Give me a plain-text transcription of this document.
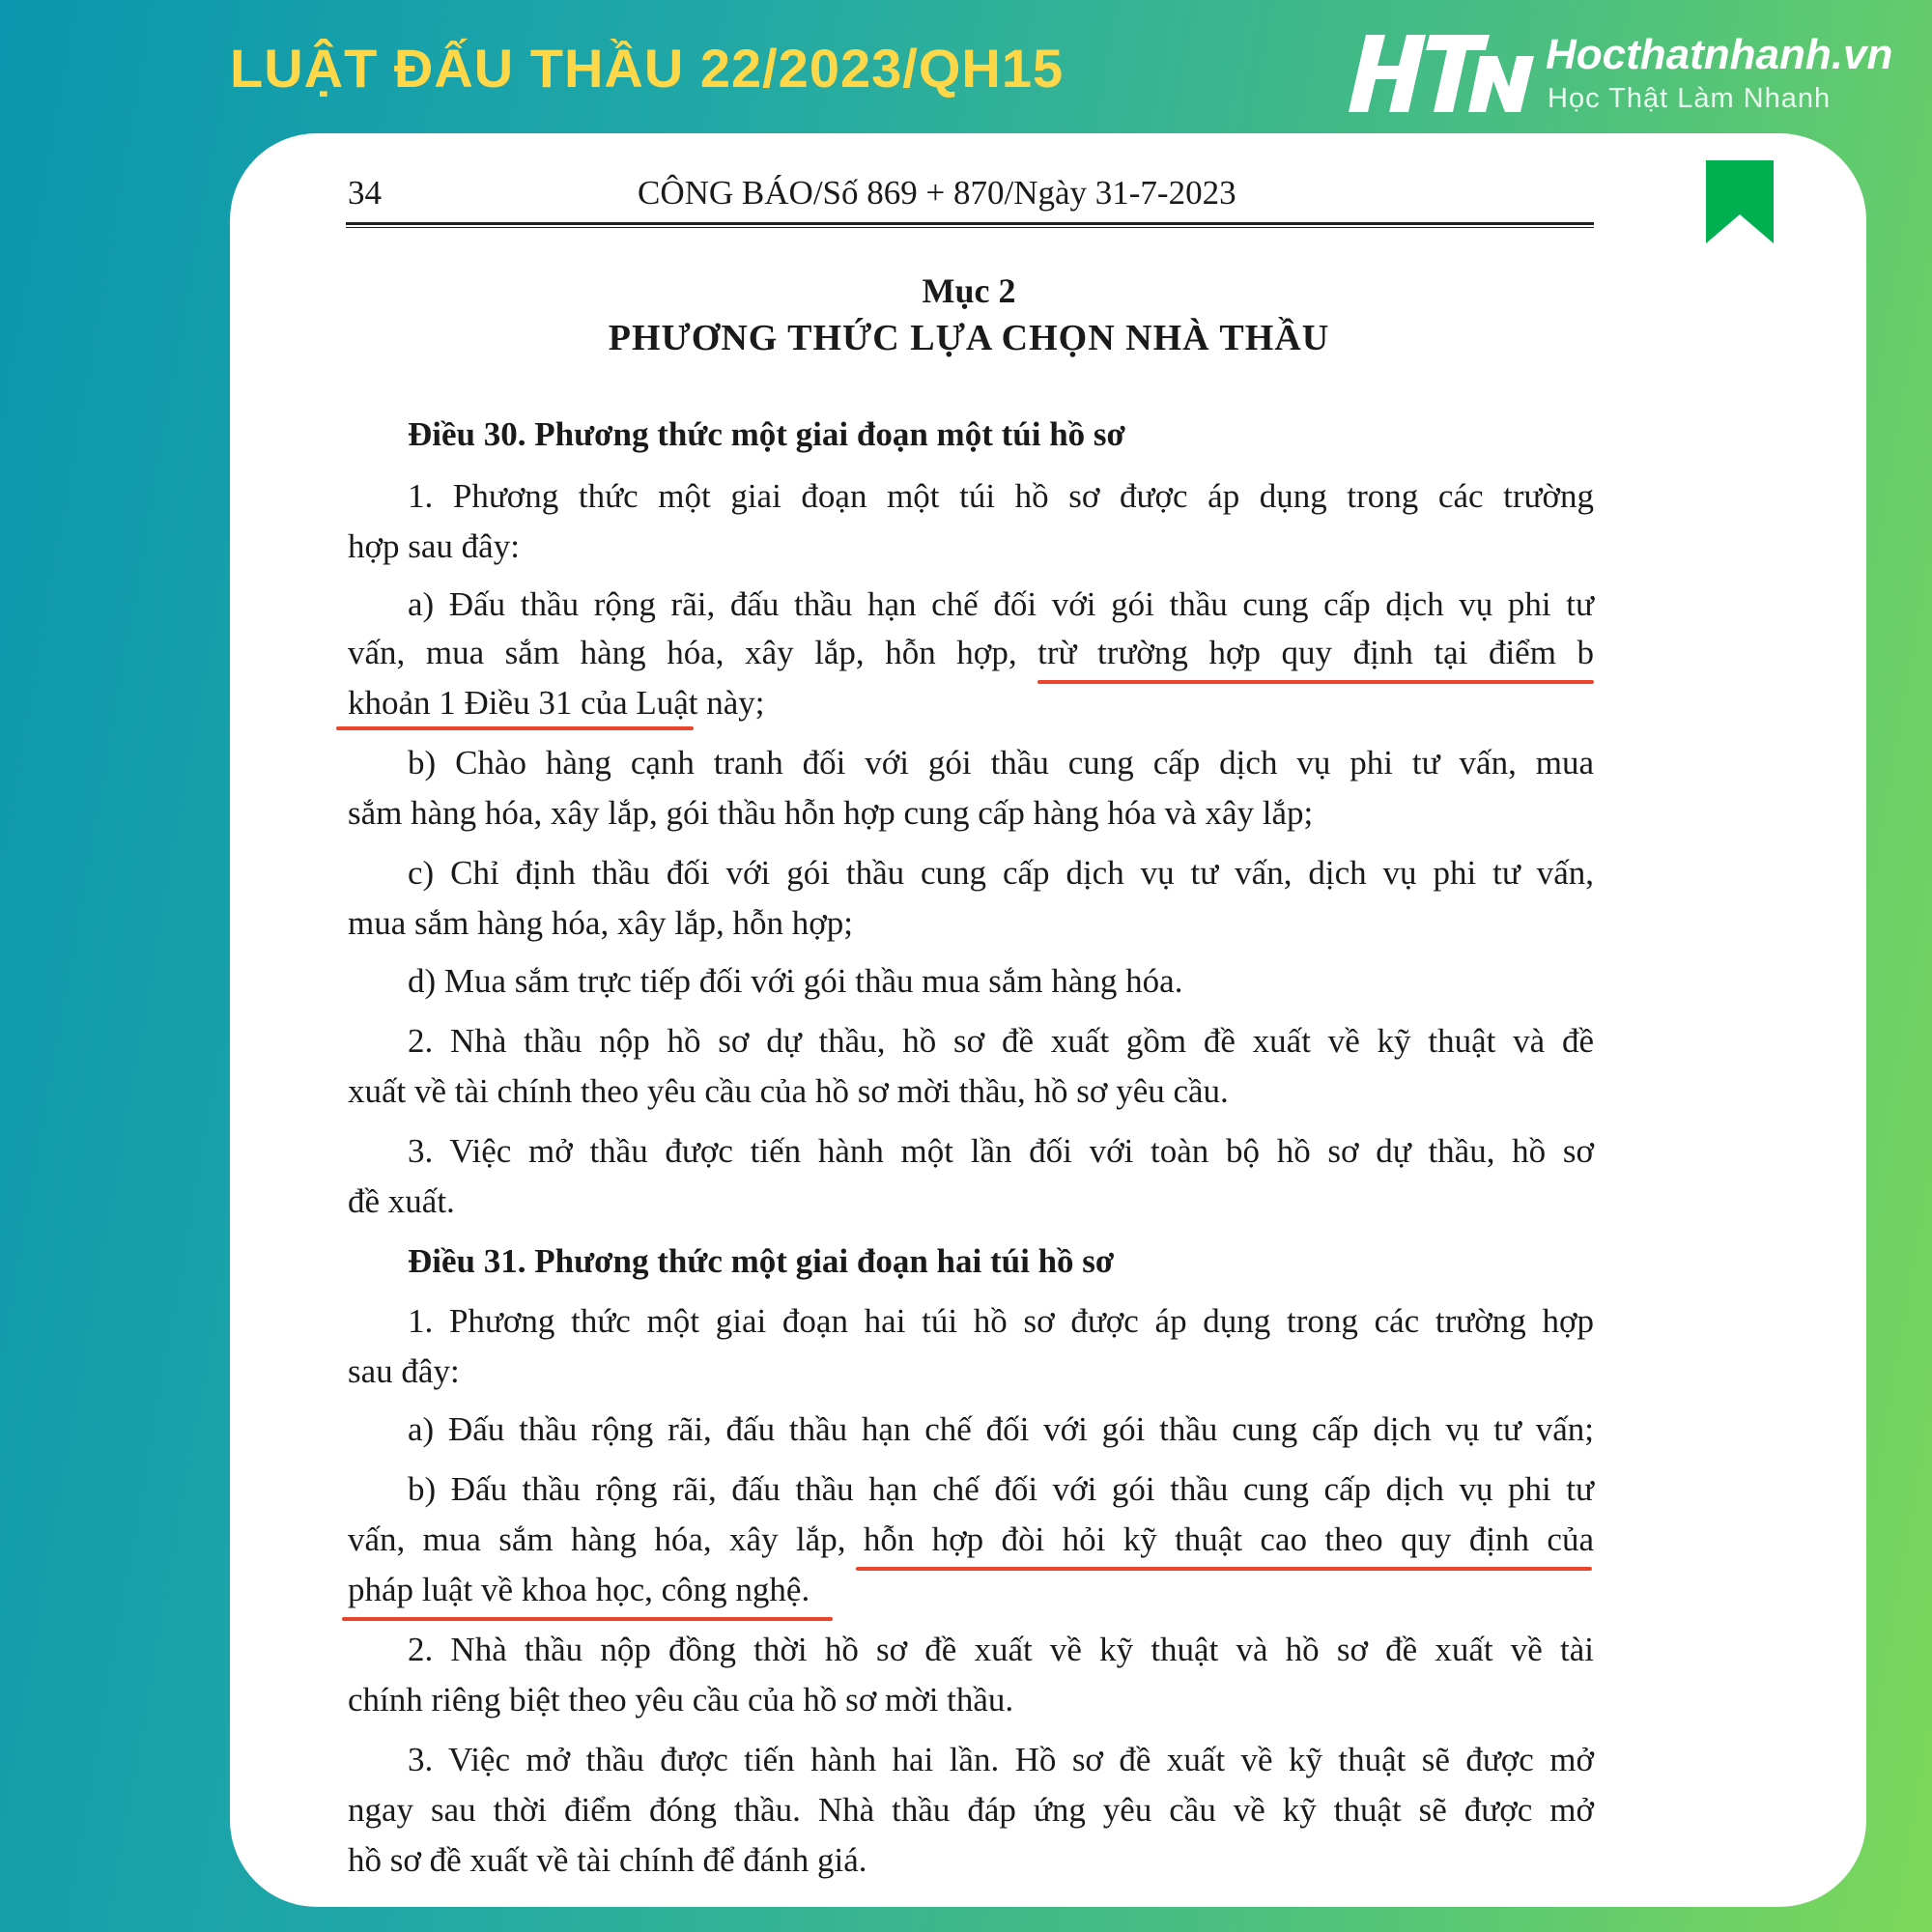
LUẬT ĐẤU THẦU 22/2023/QH15	Hocthatnhanh.vn
Học Thật Làm Nhanh
34	CÔNG BÁO/Số 869 + 870/Ngày 31-7-2023
Mục 2
PHƯƠNG THỨC LỰA CHỌN NHÀ THẦU
Điều 30. Phương thức một giai đoạn một túi hồ sơ
1. Phương thức một giai đoạn một túi hồ sơ được áp dụng trong các trường
hợp sau đây:
a) Đấu thầu rộng rãi, đấu thầu hạn chế đối với gói thầu cung cấp dịch vụ phi tư
vấn, mua sắm hàng hóa, xây lắp, hỗn hợp, trừ trường hợp quy định tại điểm b
khoản 1 Điều 31 của Luật này;
b) Chào hàng cạnh tranh đối với gói thầu cung cấp dịch vụ phi tư vấn, mua
sắm hàng hóa, xây lắp, gói thầu hỗn hợp cung cấp hàng hóa và xây lắp;
c) Chỉ định thầu đối với gói thầu cung cấp dịch vụ tư vấn, dịch vụ phi tư vấn,
mua sắm hàng hóa, xây lắp, hỗn hợp;
d) Mua sắm trực tiếp đối với gói thầu mua sắm hàng hóa.
2. Nhà thầu nộp hồ sơ dự thầu, hồ sơ đề xuất gồm đề xuất về kỹ thuật và đề
xuất về tài chính theo yêu cầu của hồ sơ mời thầu, hồ sơ yêu cầu.
3. Việc mở thầu được tiến hành một lần đối với toàn bộ hồ sơ dự thầu, hồ sơ
đề xuất.
Điều 31. Phương thức một giai đoạn hai túi hồ sơ
1. Phương thức một giai đoạn hai túi hồ sơ được áp dụng trong các trường hợp
sau đây:
a) Đấu thầu rộng rãi, đấu thầu hạn chế đối với gói thầu cung cấp dịch vụ tư vấn;
b) Đấu thầu rộng rãi, đấu thầu hạn chế đối với gói thầu cung cấp dịch vụ phi tư
vấn, mua sắm hàng hóa, xây lắp, hỗn hợp đòi hỏi kỹ thuật cao theo quy định của
pháp luật về khoa học, công nghệ.
2. Nhà thầu nộp đồng thời hồ sơ đề xuất về kỹ thuật và hồ sơ đề xuất về tài
chính riêng biệt theo yêu cầu của hồ sơ mời thầu.
3. Việc mở thầu được tiến hành hai lần. Hồ sơ đề xuất về kỹ thuật sẽ được mở
ngay sau thời điểm đóng thầu. Nhà thầu đáp ứng yêu cầu về kỹ thuật sẽ được mở
hồ sơ đề xuất về tài chính để đánh giá.
